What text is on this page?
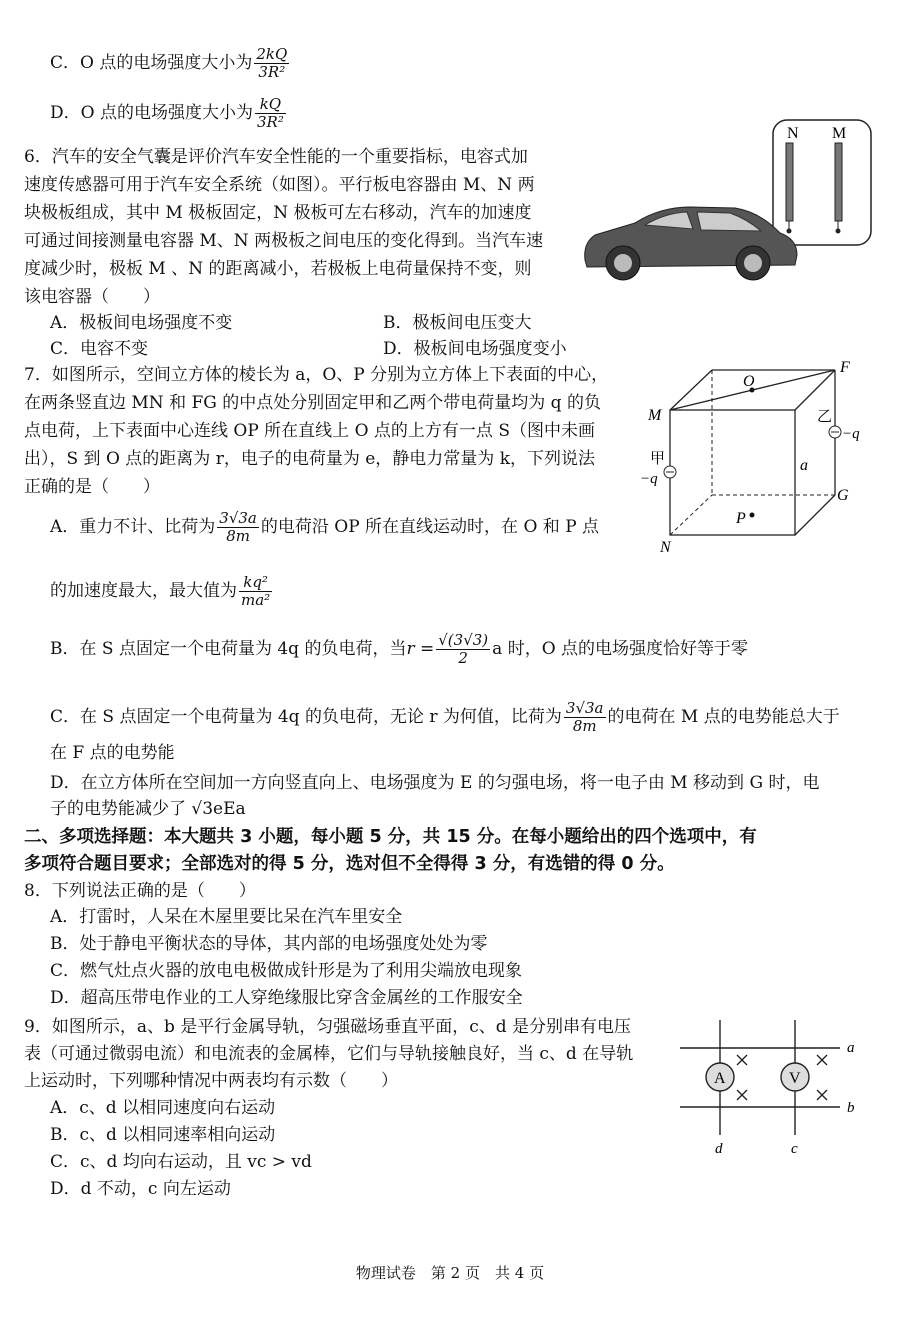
C．O 点的电场强度大小为 $\frac{2kQ}{\text{3R²}}$
D．O 点的电场强度大小为 $\frac{kQ}{\text{3R²}}$
6．汽车的安全气囊是评价汽车安全性能的一个重要指标，电容式加
速度传感器可用于汽车安全系统（如图）。平行板电容器由 M、N 两
块极板组成，其中 M 极板固定，N 极板可左右移动，汽车的加速度
可通过间接测量电容器 M、N 两极板之间电压的变化得到。当汽车速
度减少时，极板 M 、N 的距离减小，若极板上电荷量保持不变，则
该电容器（　　）
A．极板间电场强度不变	B．极板间电压变大
C．电容不变	D．极板间电场强度变小
N M
7．如图所示，空间立方体的棱长为 a，O、P 分别为立方体上下表面的中心，
在两条竖直边 MN 和 FG 的中点处分别固定甲和乙两个带电荷量均为 q 的负
点电荷，上下表面中心连线 OP 所在直线上 O 点的上方有一点 S（图中未画
出），S 到 O 点的距离为 r，电子的电荷量为 e，静电力常量为 k，下列说法
正确的是（　　）
A．重力不计、比荷为 $\frac{3√3a}{8m}$ 的电荷沿 OP 所在直线运动时，在 O 和 P 点
的加速度最大，最大值为 $\frac{\text{kq²}}{\text{ma²}}$
B．在 S 点固定一个电荷量为 4q 的负电荷，当$r = \frac{√(3√3)}{2}$ a 时，O 点的电场强度恰好等于零
C．在 S 点固定一个电荷量为 4q 的负电荷，无论 r 为何值，比荷为 $\frac{3√3a}{8m}$ 的电荷在 M 点的电势能总大于
在 F 点的电势能
D．在立方体所在空间加一方向竖直向上、电场强度为 E 的匀强电场，将一电子由 M 移动到 G 时，电
子的电势能减少了 √3eEa
O
F
M
N
G
P
a
甲
−q
乙
−q
二、多项选择题：本大题共 3 小题，每小题 5 分，共 15 分。在每小题给出的四个选项中，有
多项符合题目要求；全部选对的得 5 分，选对但不全得得 3 分，有选错的得 0 分。
8．下列说法正确的是（　　）
A．打雷时，人呆在木屋里要比呆在汽车里安全
B．处于静电平衡状态的导体，其内部的电场强度处处为零
C．燃气灶点火器的放电电极做成针形是为了利用尖端放电现象
D．超高压带电作业的工人穿绝缘服比穿含金属丝的工作服安全
9．如图所示，a、b 是平行金属导轨，匀强磁场垂直平面，c、d 是分别串有电压
表（可通过微弱电流）和电流表的金属棒，它们与导轨接触良好，当 c、d 在导轨
上运动时，下列哪种情况中两表均有示数（　　）
A．c、d 以相同速度向右运动
B．c、d 以相同速率相向运动
C．c、d 均向右运动，且 vc > vd
D．d 不动，c 向左运动
A	V
a
b
c
d
物理试卷　第 2 页　共 4 页
